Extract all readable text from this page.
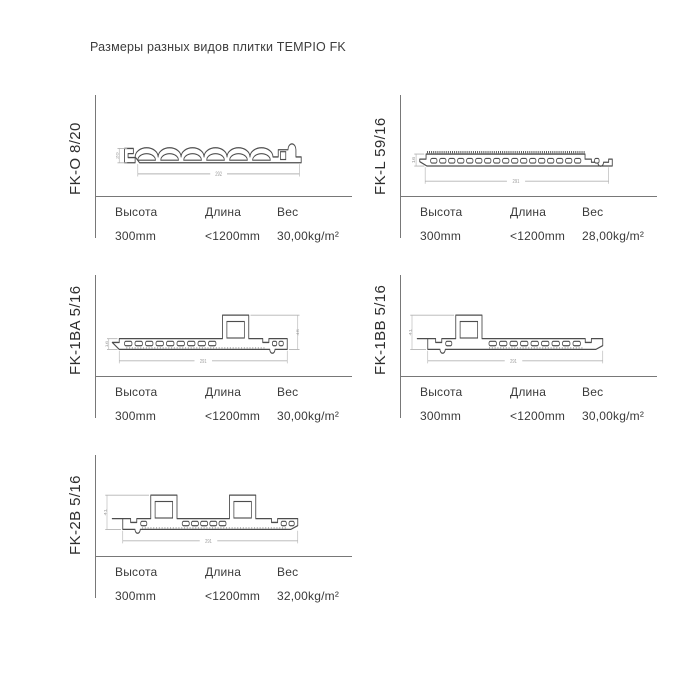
Размеры разных видов плитки TEMPIO FK
FK-O 8/20	292
20
Высота	Длина	Вес
300mm	<1200mm	30,00kg/m²
FK-L 59/16	291
16
Высота	Длина	Вес
300mm	<1200mm	28,00kg/m²
FK-1BA 5/16	291
45
16
Высота	Длина	Вес
300mm	<1200mm	30,00kg/m²
FK-1BB 5/16	41
291
Высота	Длина	Вес
300mm	<1200mm	30,00kg/m²
FK-2B 5/16	41
291
Высота	Длина	Вес
300mm	<1200mm	32,00kg/m²
